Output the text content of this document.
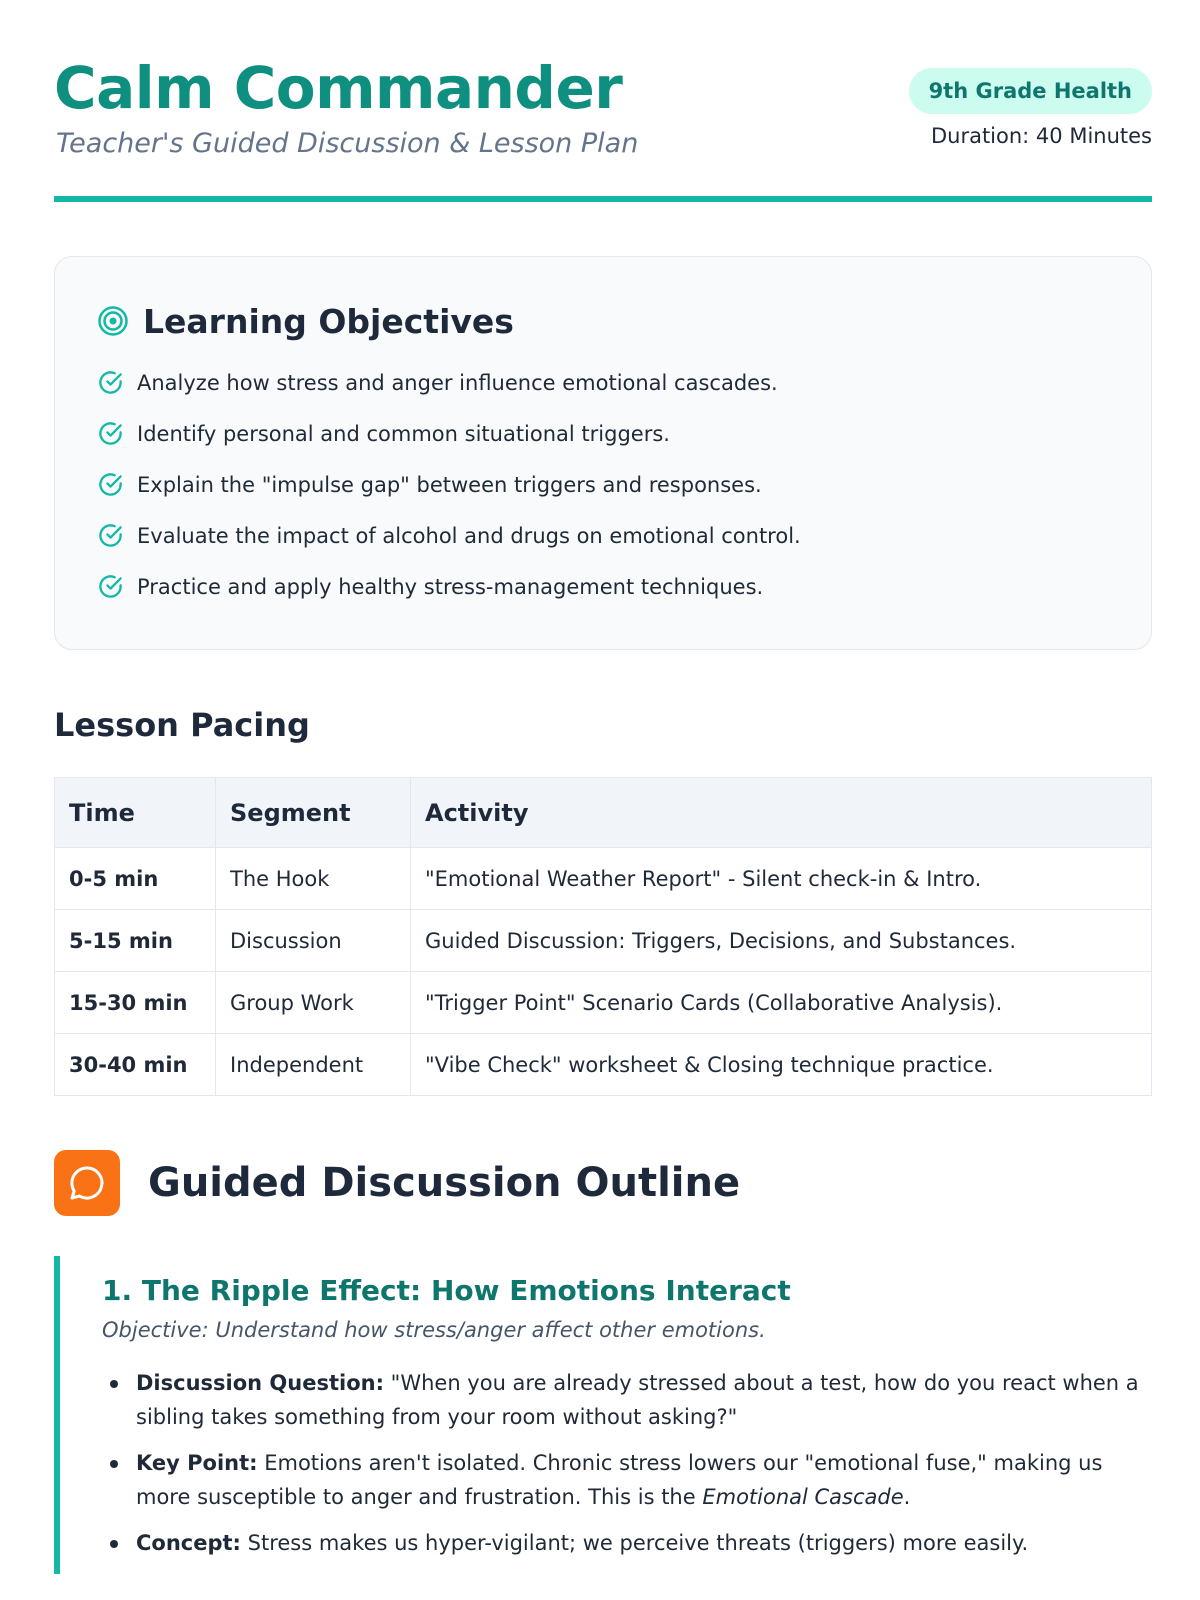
Calm Commander
Teacher's Guided Discussion & Lesson Plan
9th Grade Health
Duration: 40 Minutes
Learning Objectives
Analyze how stress and anger influence emotional cascades.
Identify personal and common situational triggers.
Explain the "impulse gap" between triggers and responses.
Evaluate the impact of alcohol and drugs on emotional control.
Practice and apply healthy stress-management techniques.
Lesson Pacing
Time	Segment	Activity
0-5 min	The Hook	"Emotional Weather Report" - Silent check-in & Intro.
5-15 min	Discussion	Guided Discussion: Triggers, Decisions, and Substances.
15-30 min	Group Work	"Trigger Point" Scenario Cards (Collaborative Analysis).
30-40 min	Independent	"Vibe Check" worksheet & Closing technique practice.
Guided Discussion Outline
1. The Ripple Effect: How Emotions Interact
Objective: Understand how stress/anger affect other emotions.
Discussion Question: "When you are already stressed about a test, how do you react when a sibling takes something from your room without asking?"
Key Point: Emotions aren't isolated. Chronic stress lowers our "emotional fuse," making us more susceptible to anger and frustration. This is the Emotional Cascade.
Concept: Stress makes us hyper-vigilant; we perceive threats (triggers) more easily.
